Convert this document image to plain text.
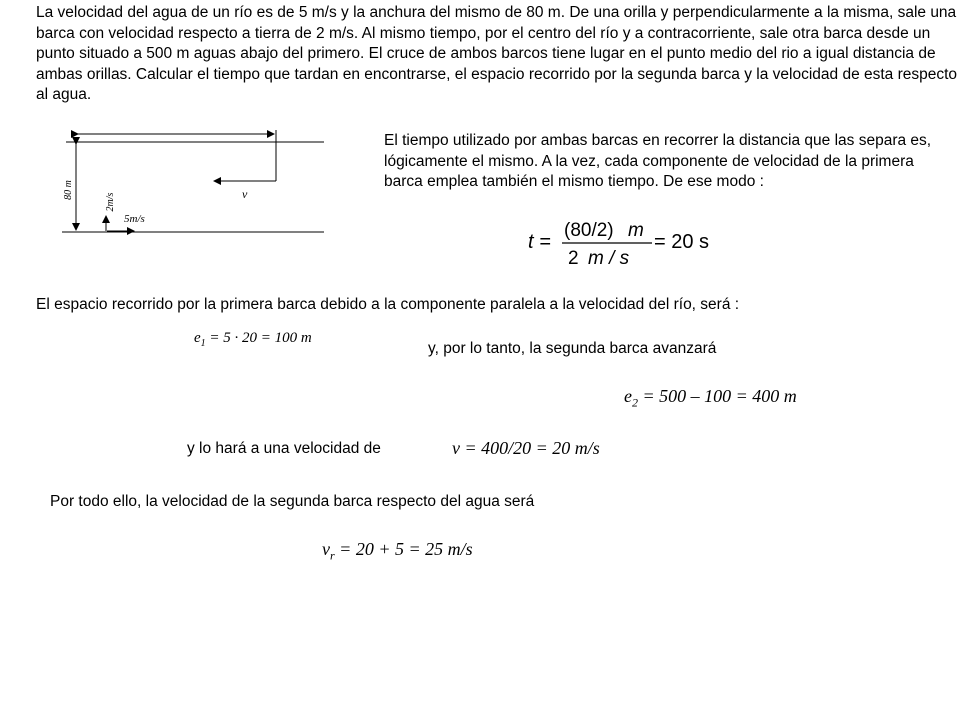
La velocidad del agua de un río es de 5 m/s y la anchura del mismo de 80 m. De una orilla y perpendicularmente a la misma, sale una barca con velocidad respecto a tierra de 2 m/s. Al mismo tiempo, por el centro del río y a contracorriente, sale otra barca desde un punto situado a 500 m aguas abajo del primero. El cruce de ambos barcos tiene lugar en el punto medio del rio a igual distancia de ambas orillas. Calcular el tiempo que tardan en encontrarse, el espacio recorrido por la segunda barca y la velocidad de esta respecto al agua.
80 m
2m/s
5m/s
v
El tiempo utilizado por ambas barcas en recorrer la distancia que las separa es, lógicamente el mismo. A la vez, cada componente de velocidad de la primera barca emplea también el mismo tiempo. De ese modo :
t =
(80/2) m
2 m / s
= 20 s
El espacio recorrido por la primera barca debido a la componente paralela a la velocidad del río, será :
$e_1 = 5 \cdot 20 = 100$ m
y, por lo tanto, la segunda barca avanzará
$e_2 = 500 - 100 = 400$ m
y lo hará a una velocidad de	v = 400/20 = 20 m/s
Por todo ello, la velocidad de la segunda barca respecto del agua será
$v_r = 20 + 5 = 25$ m/s
